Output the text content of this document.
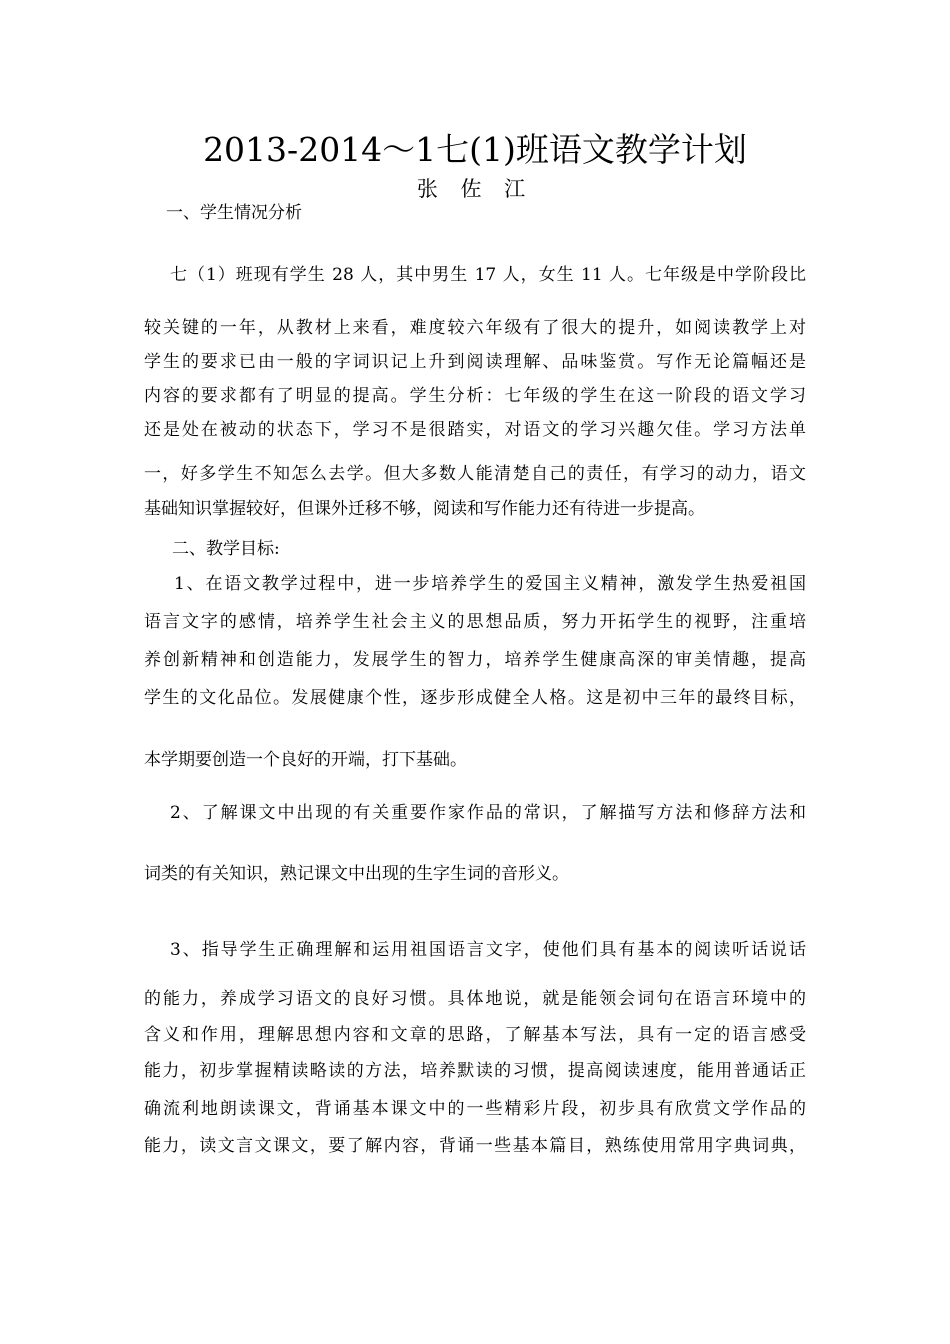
2013-2014～1七(1)班语文教学计划
张 佐 江
一、学生情况分析
七（1）班现有学生 28 人，其中男生 17 人，女生 11 人。七年级是中学阶段比
较关键的一年，从教材上来看，难度较六年级有了很大的提升，如阅读教学上对
学生的要求已由一般的字词识记上升到阅读理解、品味鉴赏。写作无论篇幅还是
内容的要求都有了明显的提高。学生分析：七年级的学生在这一阶段的语文学习
还是处在被动的状态下，学习不是很踏实，对语文的学习兴趣欠佳。学习方法单
一，好多学生不知怎么去学。但大多数人能清楚自己的责任，有学习的动力，语文
基础知识掌握较好，但课外迁移不够，阅读和写作能力还有待进一步提高。
二、教学目标:
1、在语文教学过程中，进一步培养学生的爱国主义精神，激发学生热爱祖国
语言文字的感情，培养学生社会主义的思想品质，努力开拓学生的视野，注重培
养创新精神和创造能力，发展学生的智力，培养学生健康高深的审美情趣，提高
学生的文化品位。发展健康个性，逐步形成健全人格。这是初中三年的最终目标，
本学期要创造一个良好的开端，打下基础。
2、了解课文中出现的有关重要作家作品的常识，了解描写方法和修辞方法和
词类的有关知识，熟记课文中出现的生字生词的音形义。
3、指导学生正确理解和运用祖国语言文字，使他们具有基本的阅读听话说话
的能力，养成学习语文的良好习惯。具体地说，就是能领会词句在语言环境中的
含义和作用，理解思想内容和文章的思路，了解基本写法，具有一定的语言感受
能力，初步掌握精读略读的方法，培养默读的习惯，提高阅读速度，能用普通话正
确流利地朗读课文，背诵基本课文中的一些精彩片段，初步具有欣赏文学作品的
能力，读文言文课文，要了解内容，背诵一些基本篇目，熟练使用常用字典词典，
